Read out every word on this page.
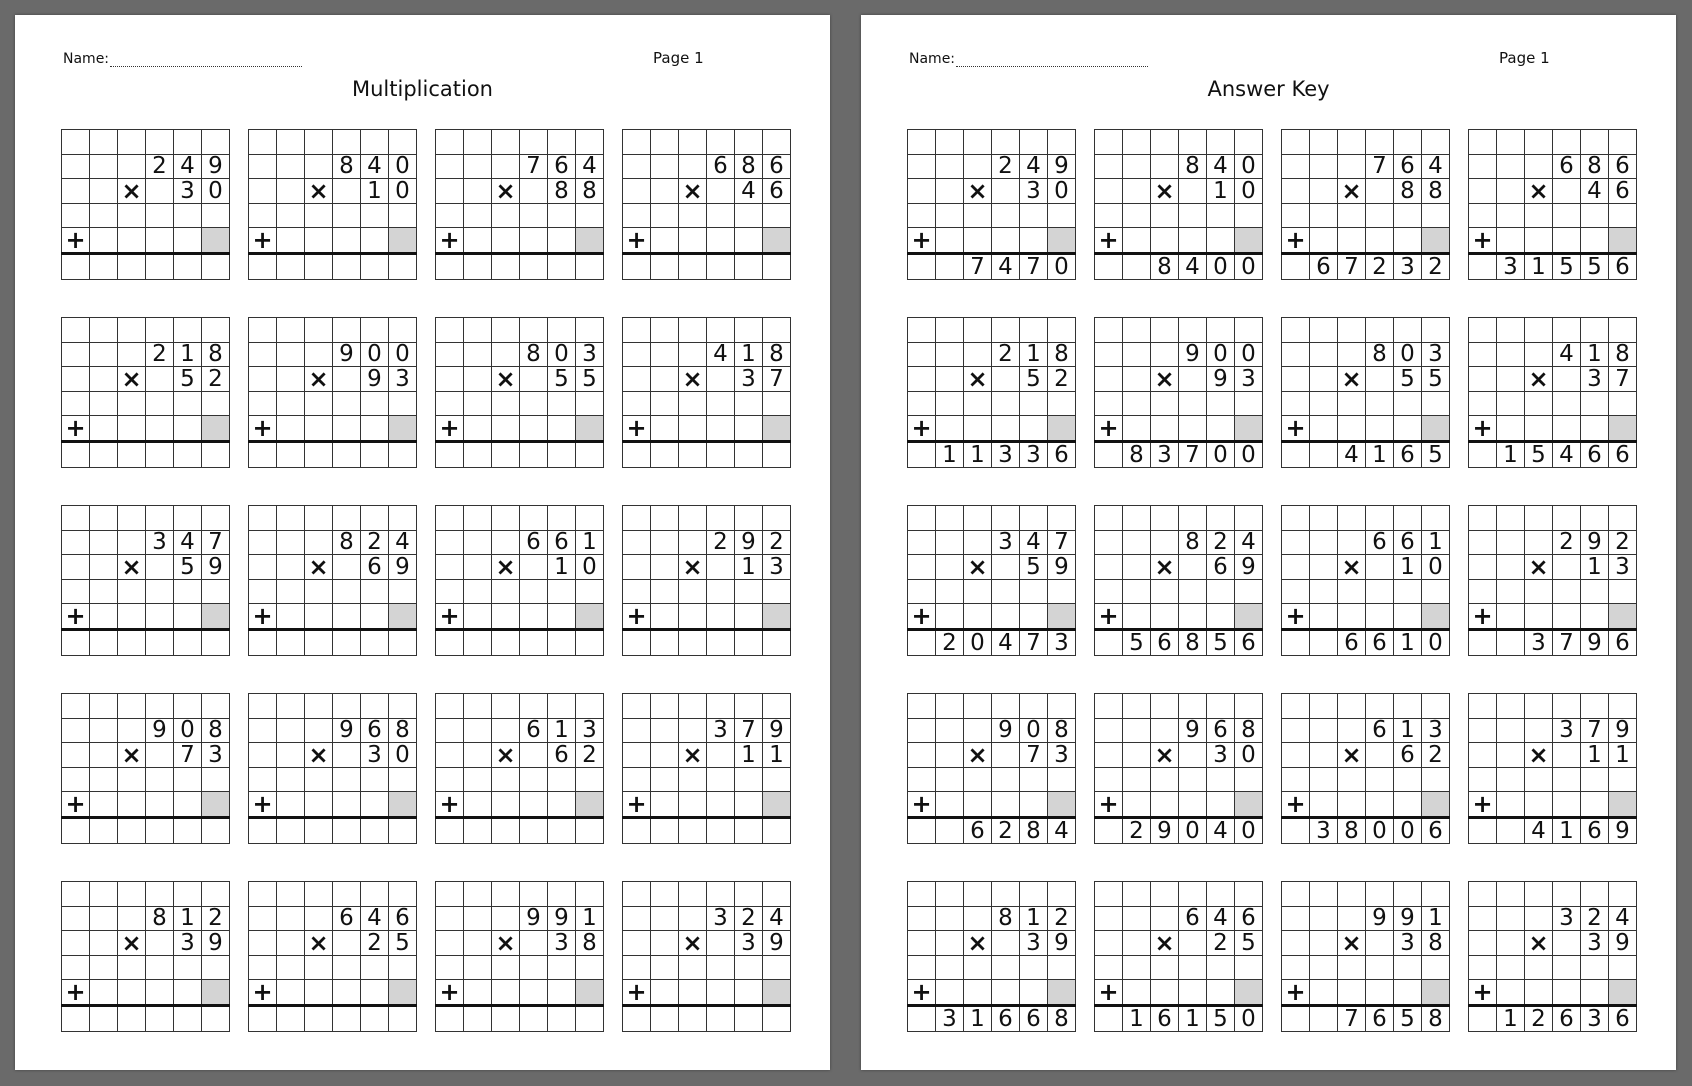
Name:	Page 1
Multiplication

			2	4	9
		×		3	0

+					

			8	4	0
		×		1	0

+					

			7	6	4
		×		8	8

+					

			6	8	6
		×		4	6

+					

			2	1	8
		×		5	2

+					

			9	0	0
		×		9	3

+					

			8	0	3
		×		5	5

+					

			4	1	8
		×		3	7

+					

			3	4	7
		×		5	9

+					

			8	2	4
		×		6	9

+					

			6	6	1
		×		1	0

+					

			2	9	2
		×		1	3

+					

			9	0	8
		×		7	3

+					

			9	6	8
		×		3	0

+					

			6	1	3
		×		6	2

+					

			3	7	9
		×		1	1

+					

			8	1	2
		×		3	9

+					

			6	4	6
		×		2	5

+					

			9	9	1
		×		3	8

+					

			3	2	4
		×		3	9

+					

Name:	Page 1
Answer Key

			2	4	9
		×		3	0

+					
		7	4	7	0

			8	4	0
		×		1	0

+					
		8	4	0	0

			7	6	4
		×		8	8

+					
	6	7	2	3	2

			6	8	6
		×		4	6

+					
	3	1	5	5	6

			2	1	8
		×		5	2

+					
	1	1	3	3	6

			9	0	0
		×		9	3

+					
	8	3	7	0	0

			8	0	3
		×		5	5

+					
		4	1	6	5

			4	1	8
		×		3	7

+					
	1	5	4	6	6

			3	4	7
		×		5	9

+					
	2	0	4	7	3

			8	2	4
		×		6	9

+					
	5	6	8	5	6

			6	6	1
		×		1	0

+					
		6	6	1	0

			2	9	2
		×		1	3

+					
		3	7	9	6

			9	0	8
		×		7	3

+					
		6	2	8	4

			9	6	8
		×		3	0

+					
	2	9	0	4	0

			6	1	3
		×		6	2

+					
	3	8	0	0	6

			3	7	9
		×		1	1

+					
		4	1	6	9

			8	1	2
		×		3	9

+					
	3	1	6	6	8

			6	4	6
		×		2	5

+					
	1	6	1	5	0

			9	9	1
		×		3	8

+					
		7	6	5	8

			3	2	4
		×		3	9

+					
	1	2	6	3	6
